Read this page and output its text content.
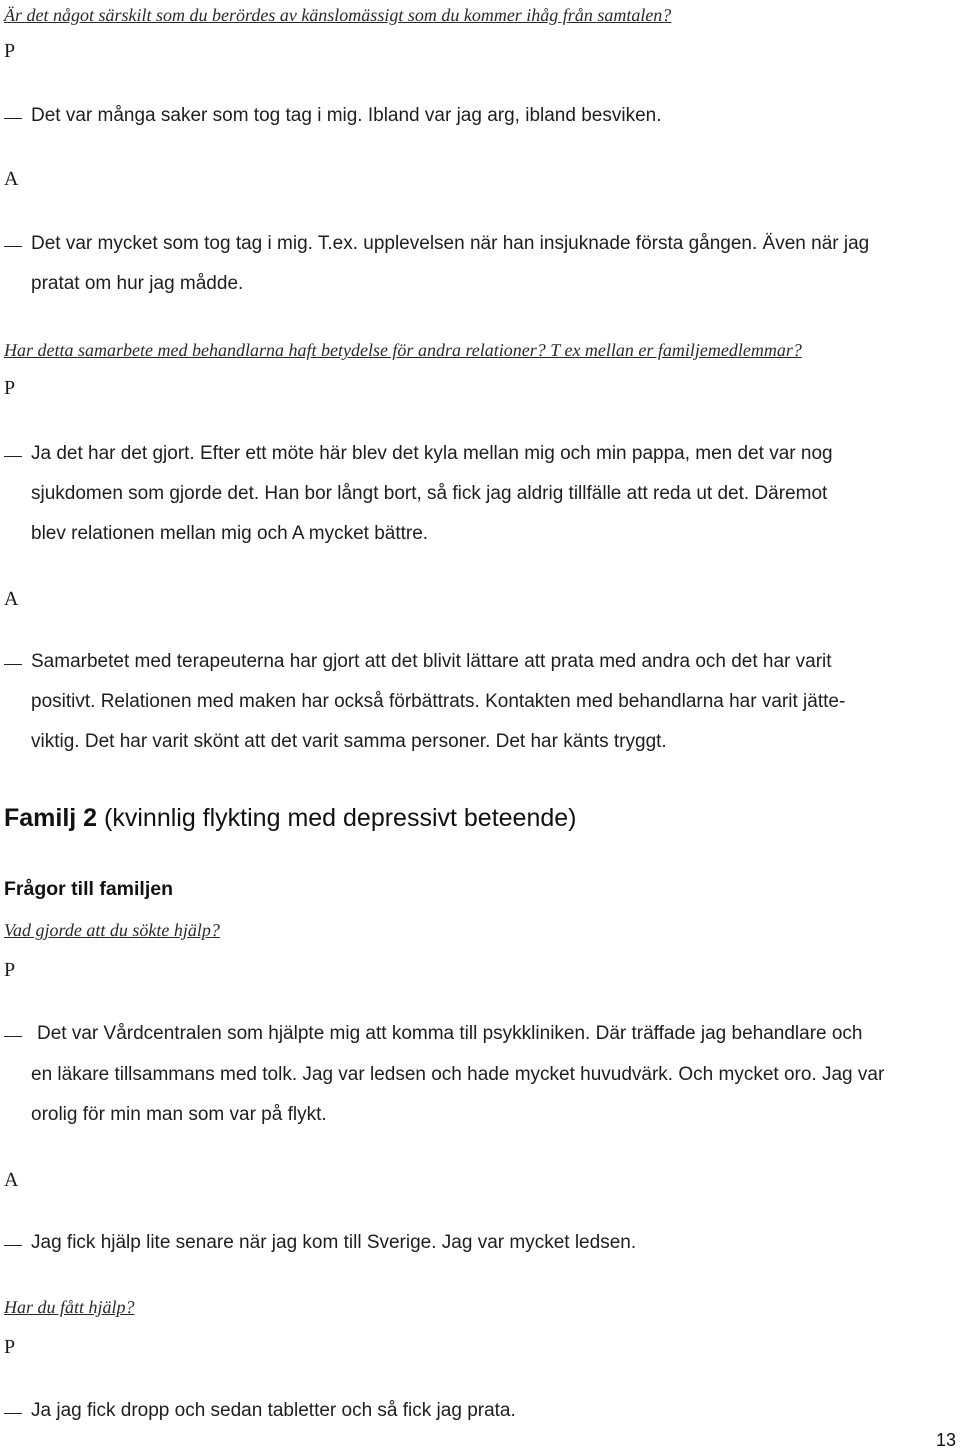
Är det något särskilt som du berördes av känslomässigt som du kommer ihåg från samtalen?
P
Det var många saker som tog tag i mig. Ibland var jag arg, ibland besviken.
A
Det var mycket som tog tag i mig. T.ex. upplevelsen när han insjuknade första gången. Även när jag
pratat om hur jag mådde.
Har detta samarbete med behandlarna haft betydelse för andra relationer? T ex mellan er familjemedlemmar?
P
Ja det har det gjort. Efter ett möte här blev det kyla mellan mig och min pappa, men det var nog
sjukdomen som gjorde det. Han bor långt bort, så fick jag aldrig tillfälle att reda ut det. Däremot
blev relationen mellan mig och A mycket bättre.
A
Samarbetet med terapeuterna har gjort att det blivit lättare att prata med andra och det har varit
positivt. Relationen med maken har också förbättrats. Kontakten med behandlarna har varit jätte-
viktig. Det har varit skönt att det varit samma personer. Det har känts tryggt.
Familj 2 (kvinnlig flykting med depressivt beteende)
Frågor till familjen
Vad gjorde att du sökte hjälp?
P
Det var Vårdcentralen som hjälpte mig att komma till psykkliniken. Där träffade jag behandlare och
en läkare tillsammans med tolk. Jag var ledsen och hade mycket huvudvärk. Och mycket oro. Jag var
orolig för min man som var på flykt.
A
Jag fick hjälp lite senare när jag kom till Sverige. Jag var mycket ledsen.
Har du fått hjälp?
P
Ja jag fick dropp och sedan tabletter och så fick jag prata.
13
